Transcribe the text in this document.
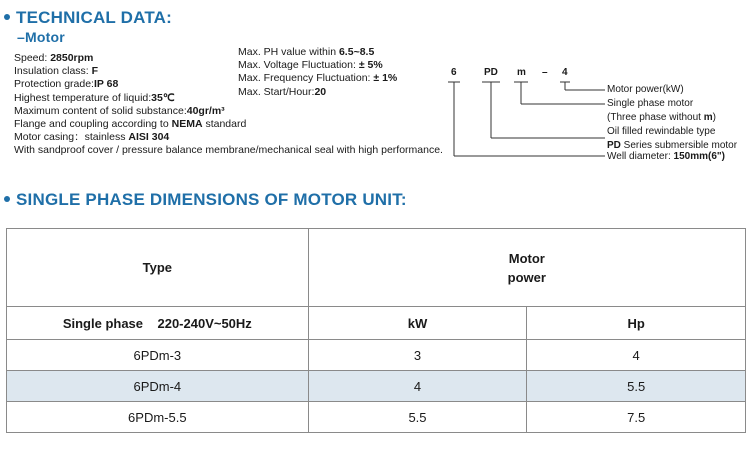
TECHNICAL DATA:
–Motor
Speed: 2850rpm
Insulation class: F
Protection grade:IP 68
Highest temperature of liquid:35℃
Maximum content of solid substance:40gr/m³
Flange and coupling according to NEMA standard
Motor casing：stainless AISI 304
With sandproof cover / pressure balance membrane/mechanical seal with high performance.
Max. PH value within 6.5~8.5
Max. Voltage Fluctuation: ± 5%
Max. Frequency Fluctuation: ± 1%
Max. Start/Hour:20
6	PD m – 4
Motor power(kW)
Single phase motor
(Three phase without m)
Oil filled rewindable type
PD Series submersible motor
Well diameter: 150mm(6")
SINGLE PHASE DIMENSIONS OF MOTOR UNIT:
Type	Motor
power	

Single phase 220-240V~50Hz	kW	Hp
6PDm-3	3	4
6PDm-4	4	5.5
6PDm-5.5	5.5	7.5
